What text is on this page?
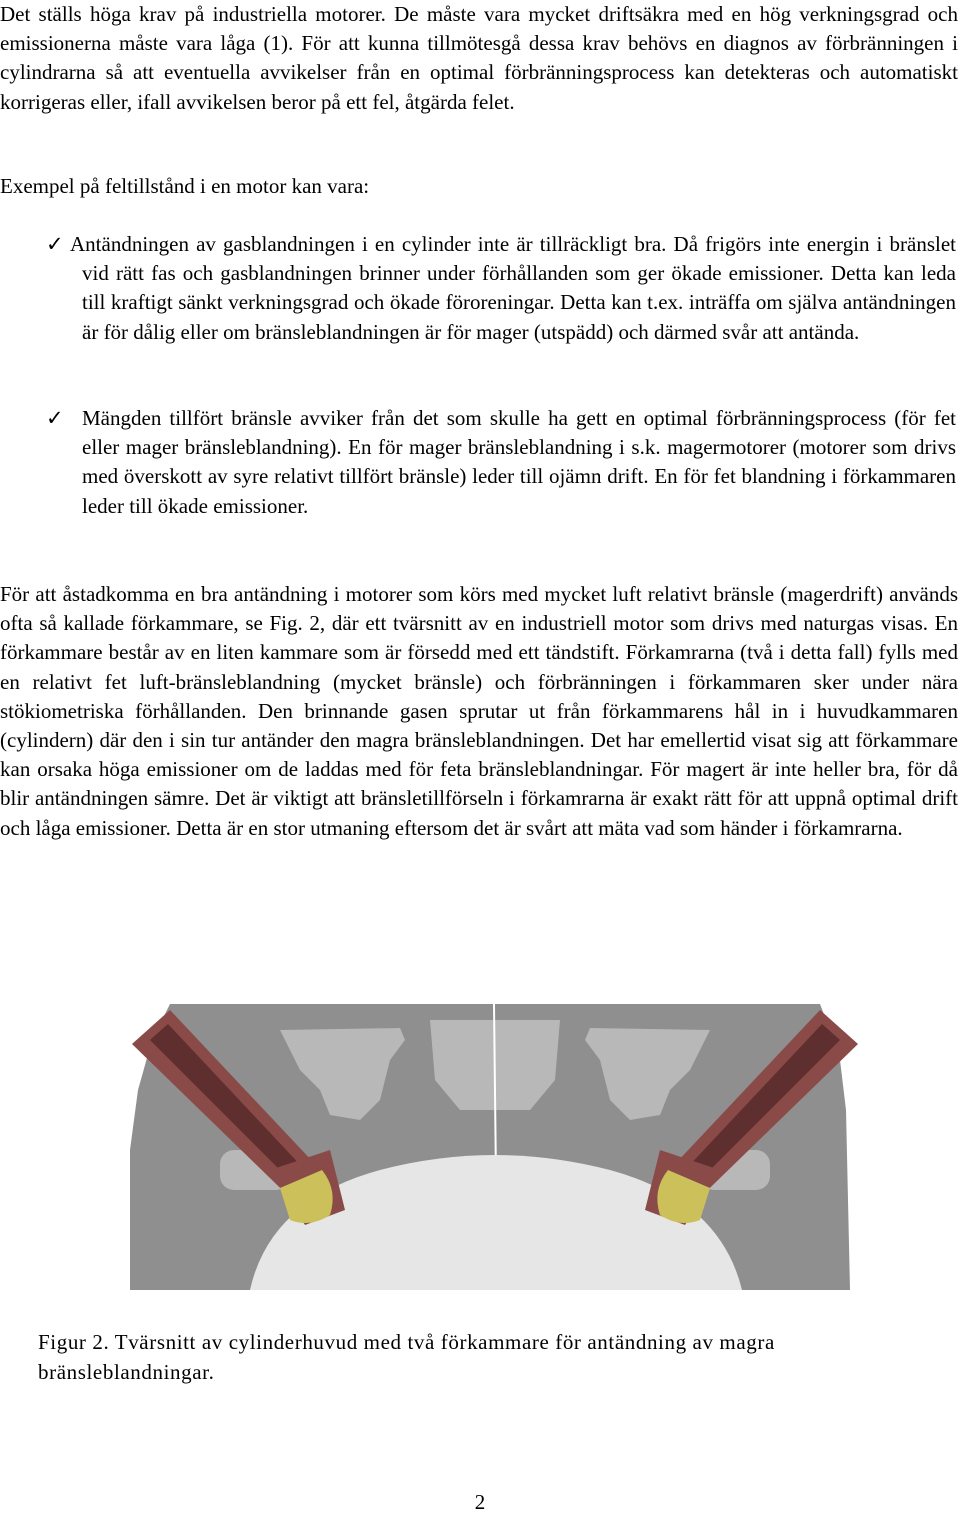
Det ställs höga krav på industriella motorer. De måste vara mycket driftsäkra med en hög verkningsgrad och emissionerna måste vara låga (1). För att kunna tillmötesgå dessa krav behövs en diagnos av förbränningen i cylindrarna så att eventuella avvikelser från en optimal förbränningsprocess kan detekteras och automatiskt korrigeras eller, ifall avvikelsen beror på ett fel, åtgärda felet.

Exempel på feltillstånd i en motor kan vara:

✓ Antändningen av gasblandningen i en cylinder inte är tillräckligt bra. Då frigörs inte energin i bränslet vid rätt fas och gasblandningen brinner under förhållanden som ger ökade emissioner. Detta kan leda till kraftigt sänkt verkningsgrad och ökade föroreningar. Detta kan t.ex. inträffa om själva antändningen är för dålig eller om bränsleblandningen är för mager (utspädd) och därmed svår att antända.

✓ Mängden tillfört bränsle avviker från det som skulle ha gett en optimal förbränningsprocess (för fet eller mager bränsleblandning). En för mager bränsleblandning i s.k. magermotorer (motorer som drivs med överskott av syre relativt tillfört bränsle) leder till ojämn drift. En för fet blandning i förkammaren leder till ökade emissioner.

För att åstadkomma en bra antändning i motorer som körs med mycket luft relativt bränsle (magerdrift) används ofta så kallade förkammare, se Fig. 2, där ett tvärsnitt av en industriell motor som drivs med naturgas visas. En förkammare består av en liten kammare som är försedd med ett tändstift. Förkamrarna (två i detta fall) fylls med en relativt fet luft-bränsleblandning (mycket bränsle) och förbränningen i förkammaren sker under nära stökiometriska förhållanden. Den brinnande gasen sprutar ut från förkammarens hål in i huvudkammaren (cylindern) där den i sin tur antänder den magra bränsleblandningen. Det har emellertid visat sig att förkammare kan orsaka höga emissioner om de laddas med för feta bränsleblandningar. För magert är inte heller bra, för då blir antändningen sämre. Det är viktigt att bränsletillförseln i förkamrarna är exakt rätt för att uppnå optimal drift och låga emissioner. Detta är en stor utmaning eftersom det är svårt att mäta vad som händer i förkamrarna.

Figur 2. Tvärsnitt av cylinderhuvud med två förkammare för antändning av magra bränsleblandningar.
2
